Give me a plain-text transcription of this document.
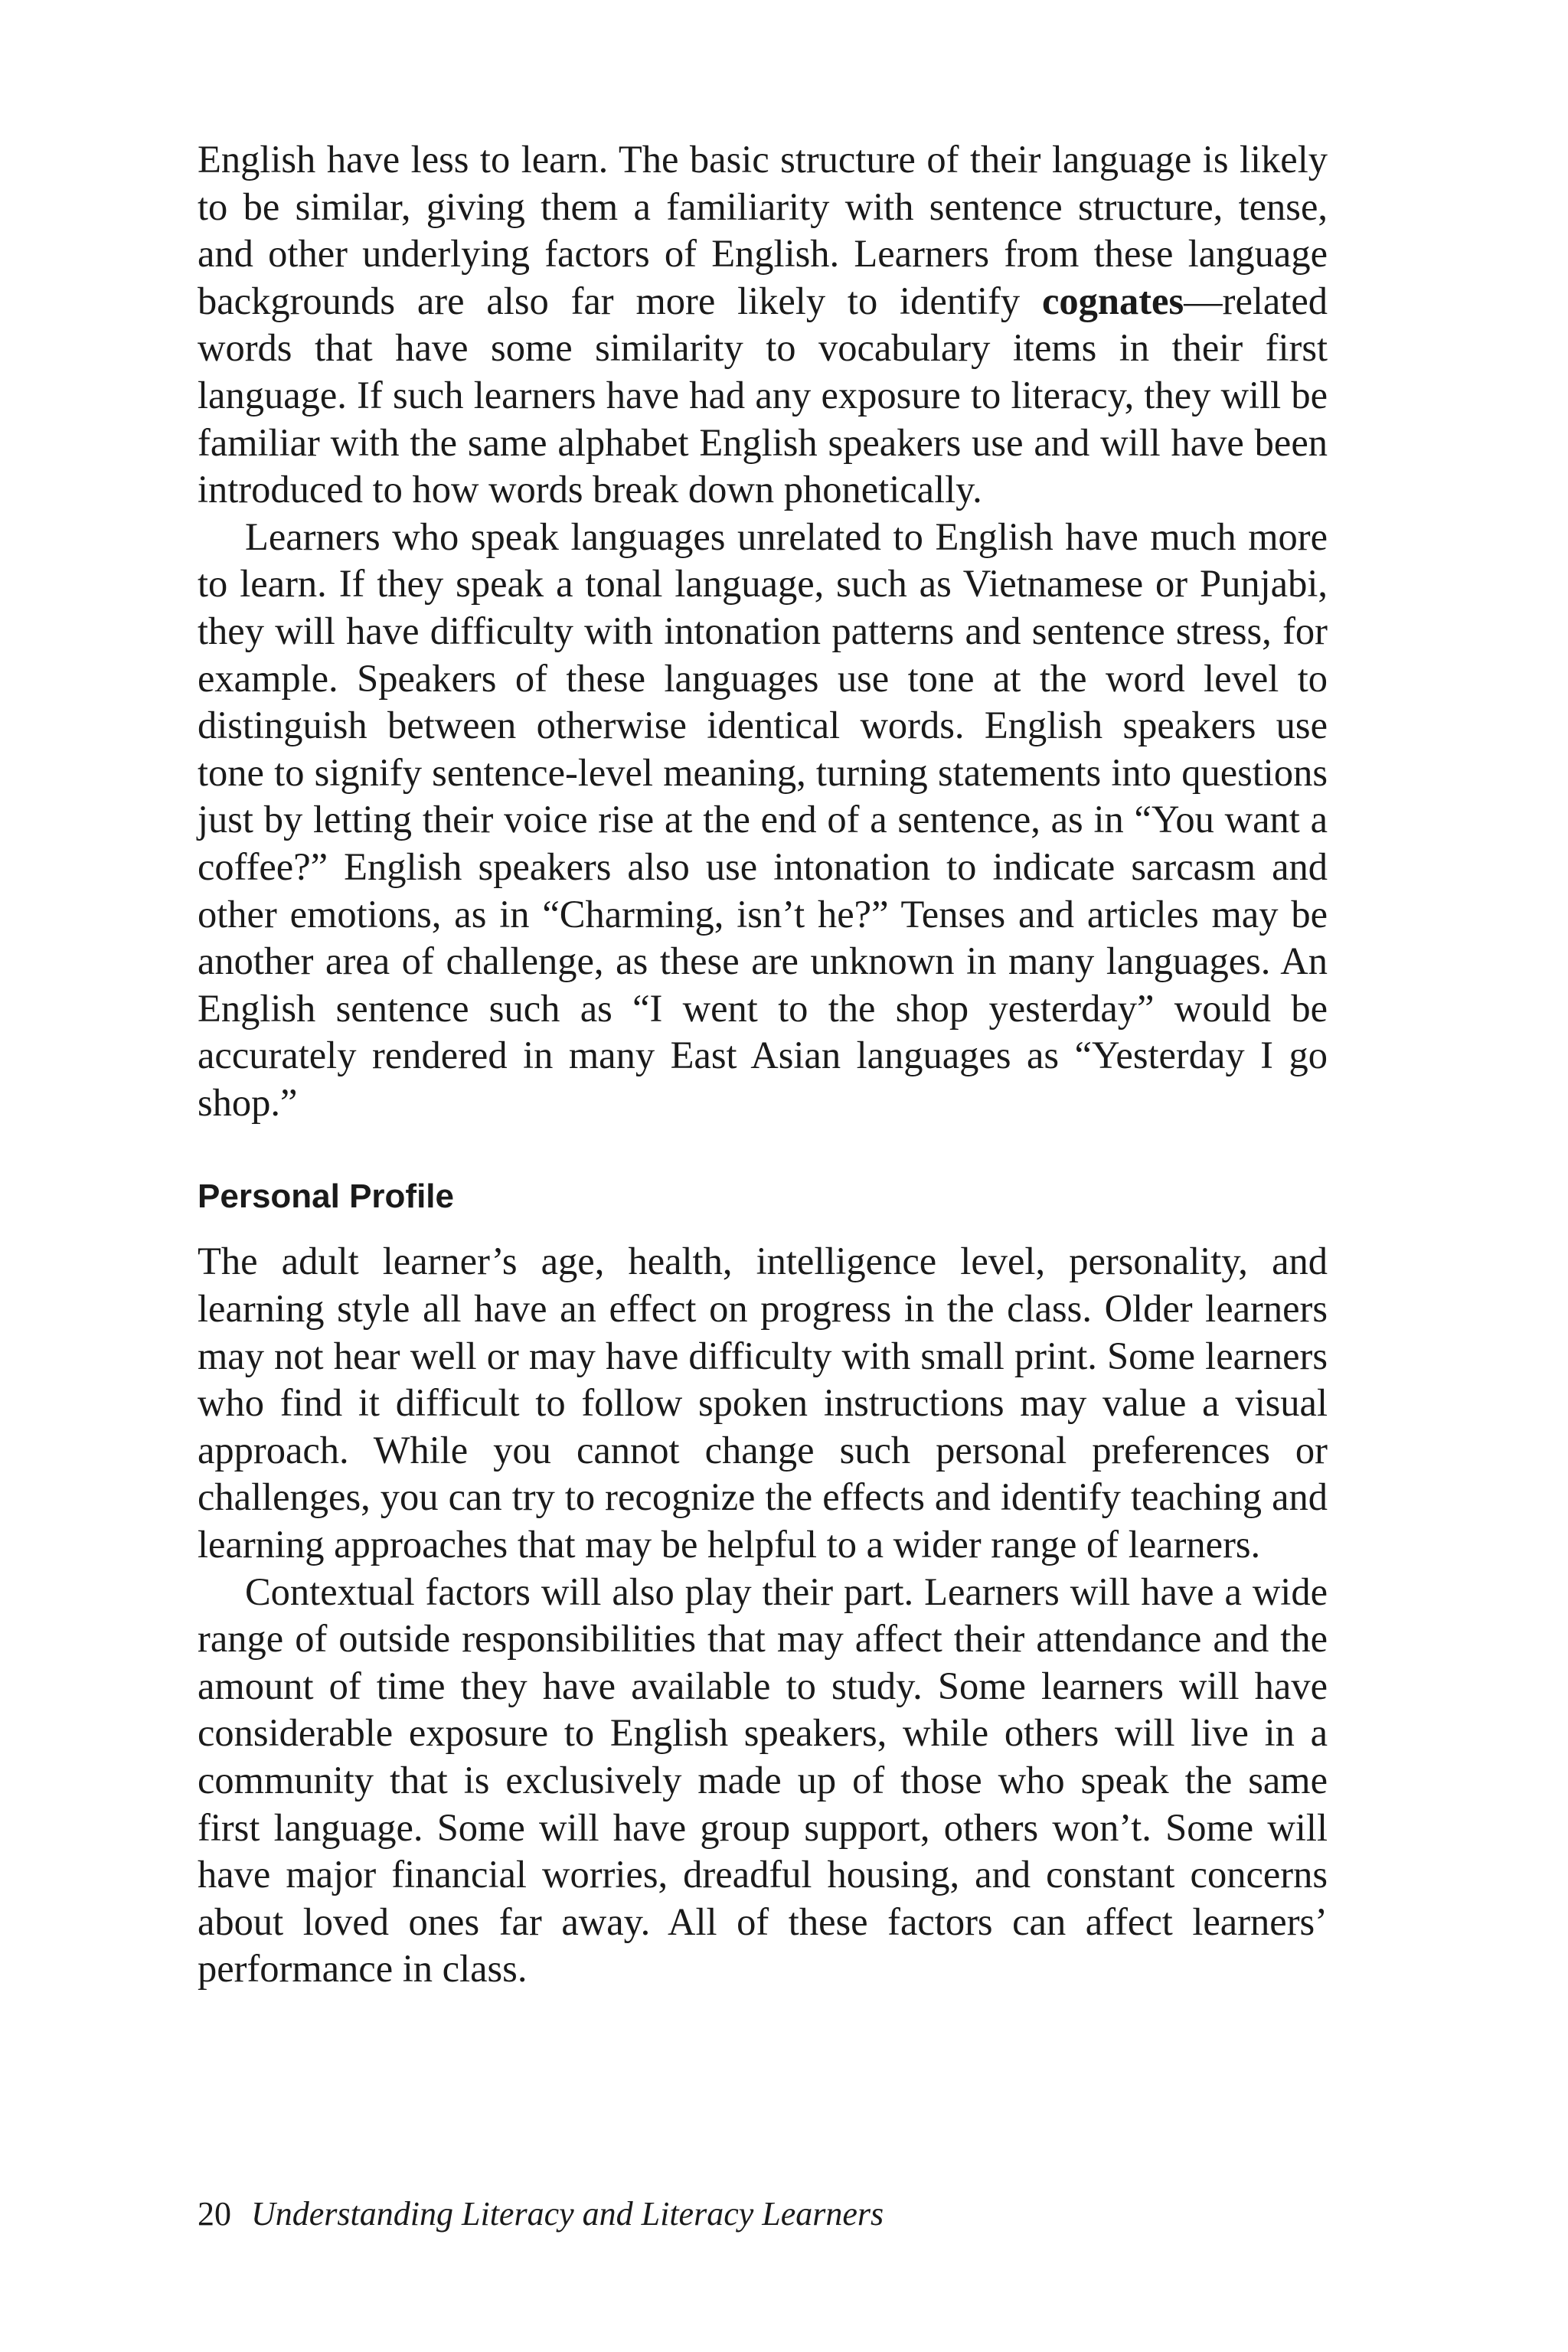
English have less to learn. The basic structure of their language is likely to be similar, giving them a familiarity with sentence structure, tense, and other underlying factors of English. Learners from these language backgrounds are also far more likely to identify cognates—related words that have some similarity to vocabulary items in their first language. If such learners have had any exposure to literacy, they will be familiar with the same alphabet English speakers use and will have been introduced to how words break down phonetically.

Learners who speak languages unrelated to English have much more to learn. If they speak a tonal language, such as Vietnamese or Punjabi, they will have difficulty with intonation patterns and sentence stress, for example. Speakers of these languages use tone at the word level to distinguish between otherwise identical words. English speakers use tone to signify sentence-level meaning, turning statements into questions just by letting their voice rise at the end of a sentence, as in “You want a coffee?” English speakers also use intonation to indicate sarcasm and other emotions, as in “Charming, isn’t he?” Tenses and articles may be another area of challenge, as these are unknown in many languages. An English sentence such as “I went to the shop yesterday” would be accurately rendered in many East Asian languages as “Yesterday I go shop.”

Personal Profile

The adult learner’s age, health, intelligence level, personality, and learning style all have an effect on progress in the class. Older learners may not hear well or may have difficulty with small print. Some learners who find it difficult to follow spoken instructions may value a visual approach. While you cannot change such personal preferences or challenges, you can try to recognize the effects and identify teaching and learning approaches that may be helpful to a wider range of learners.

Contextual factors will also play their part. Learners will have a wide range of outside responsibilities that may affect their attendance and the amount of time they have available to study. Some learners will have considerable exposure to English speakers, while others will live in a community that is exclusively made up of those who speak the same first language. Some will have group support, others won’t. Some will have major financial worries, dreadful housing, and constant concerns about loved ones far away. All of these factors can affect learners’ performance in class.

20 Understanding Literacy and Literacy Learners
